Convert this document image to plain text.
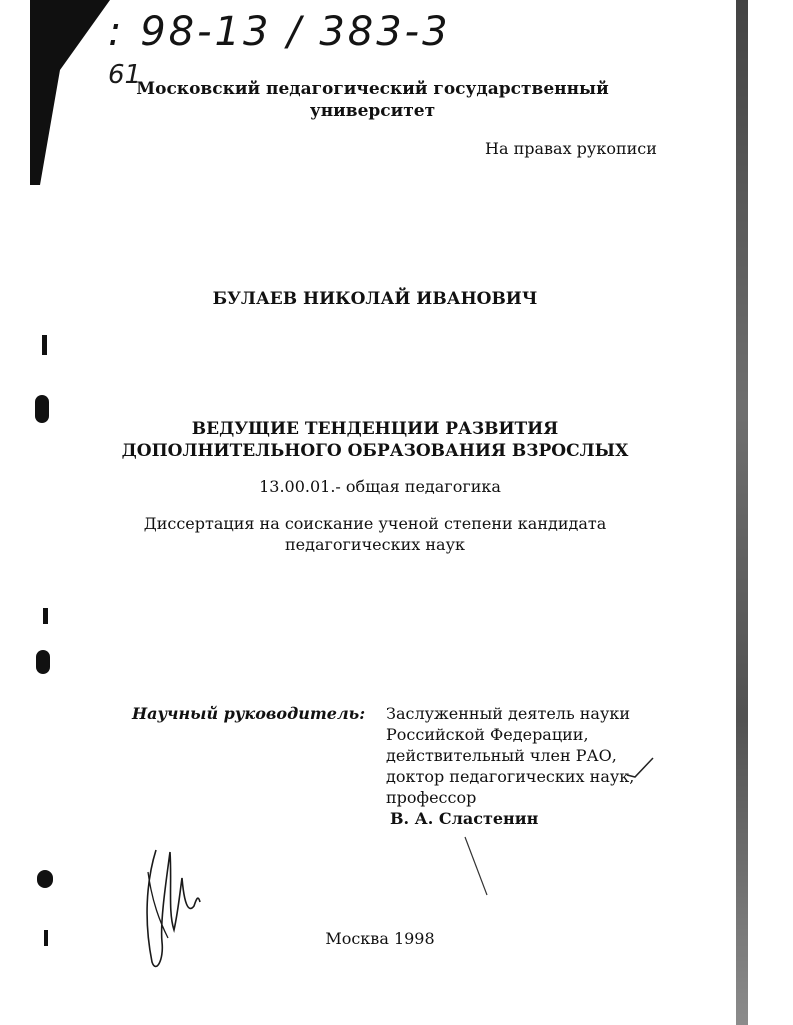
: 98-13 / 383-3
61
Московский педагогический государственный
университет
На правах рукописи
БУЛАЕВ НИКОЛАЙ ИВАНОВИЧ
ВЕДУЩИЕ ТЕНДЕНЦИИ РАЗВИТИЯ
ДОПОЛНИТЕЛЬНОГО ОБРАЗОВАНИЯ ВЗРОСЛЫХ
13.00.01.- общая педагогика
Диссертация на соискание ученой степени кандидата
педагогических наук
Научный руководитель:	Заслуженный деятель науки
Российской Федерации,
действительный член РАО,
доктор педагогических наук,
профессор
В. А. Сластенин
Москва 1998
